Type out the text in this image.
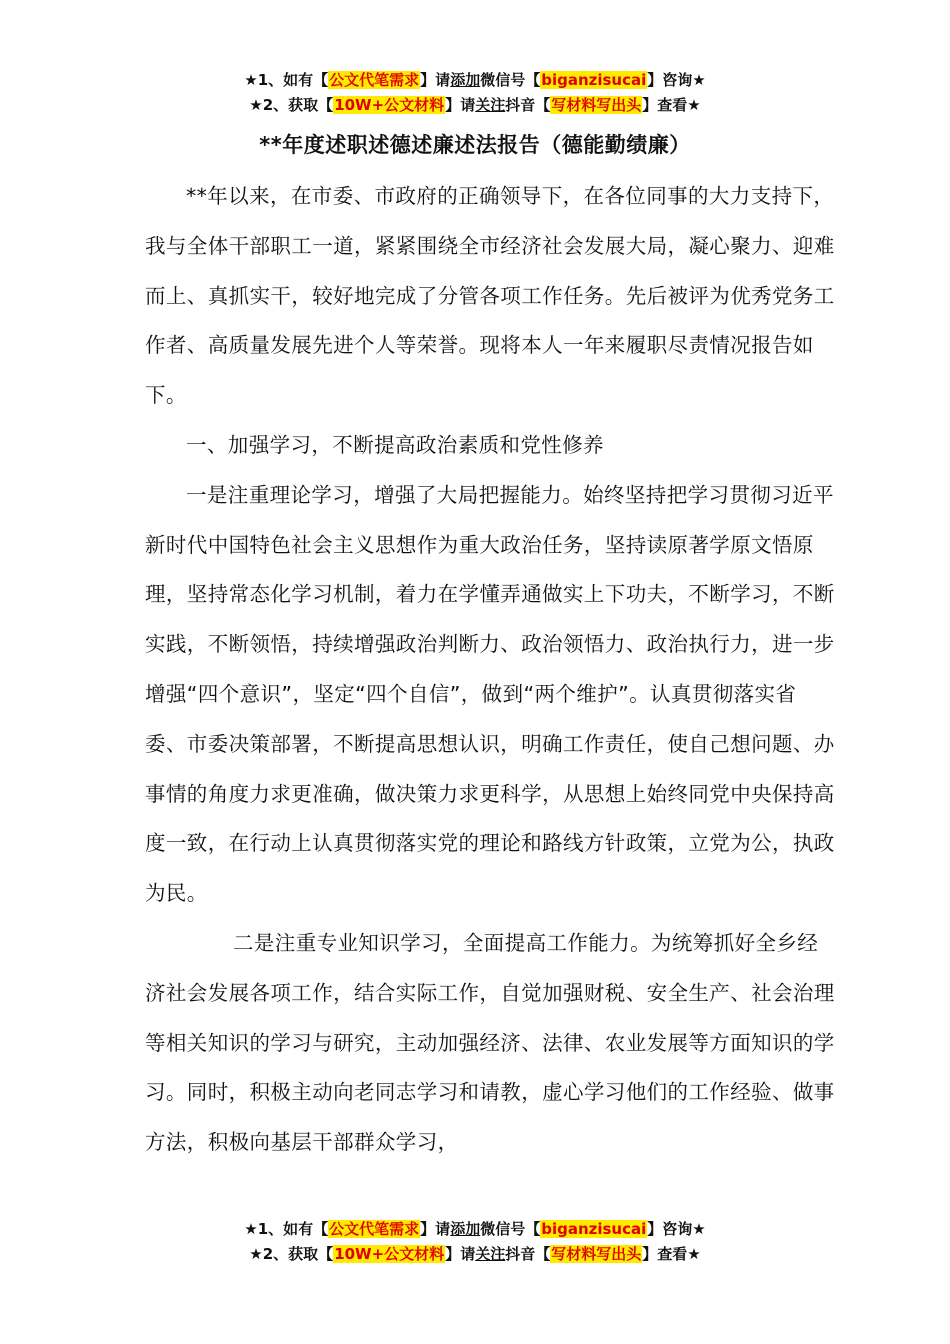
★1、如有【公文代笔需求】请添加微信号【biganzisucai】咨询★
★2、获取【10W+公文材料】请关注抖音【写材料写出头】查看★
**年度述职述德述廉述法报告（德能勤绩廉）

**年以来，在市委、市政府的正确领导下，在各位同事的大力支持下，我与全体干部职工一道，紧紧围绕全市经济社会发展大局，凝心聚力、迎难而上、真抓实干，较好地完成了分管各项工作任务。先后被评为优秀党务工作者、高质量发展先进个人等荣誉。现将本人一年来履职尽责情况报告如下。

一、加强学习，不断提高政治素质和党性修养

一是注重理论学习，增强了大局把握能力。始终坚持把学习贯彻习近平新时代中国特色社会主义思想作为重大政治任务，坚持读原著学原文悟原理，坚持常态化学习机制，着力在学懂弄通做实上下功夫，不断学习，不断实践，不断领悟，持续增强政治判断力、政治领悟力、政治执行力，进一步增强“四个意识”，坚定“四个自信”，做到“两个维护”。认真贯彻落实省委、市委决策部署，不断提高思想认识，明确工作责任，使自己想问题、办事情的角度力求更准确，做决策力求更科学，从思想上始终同党中央保持高度一致，在行动上认真贯彻落实党的理论和路线方针政策，立党为公，执政为民。

二是注重专业知识学习，全面提高工作能力。为统筹抓好全乡经济社会发展各项工作，结合实际工作，自觉加强财税、安全生产、社会治理等相关知识的学习与研究，主动加强经济、法律、农业发展等方面知识的学习。同时，积极主动向老同志学习和请教，虚心学习他们的工作经验、做事方法，积极向基层干部群众学习，

★1、如有【公文代笔需求】请添加微信号【biganzisucai】咨询★
★2、获取【10W+公文材料】请关注抖音【写材料写出头】查看★
